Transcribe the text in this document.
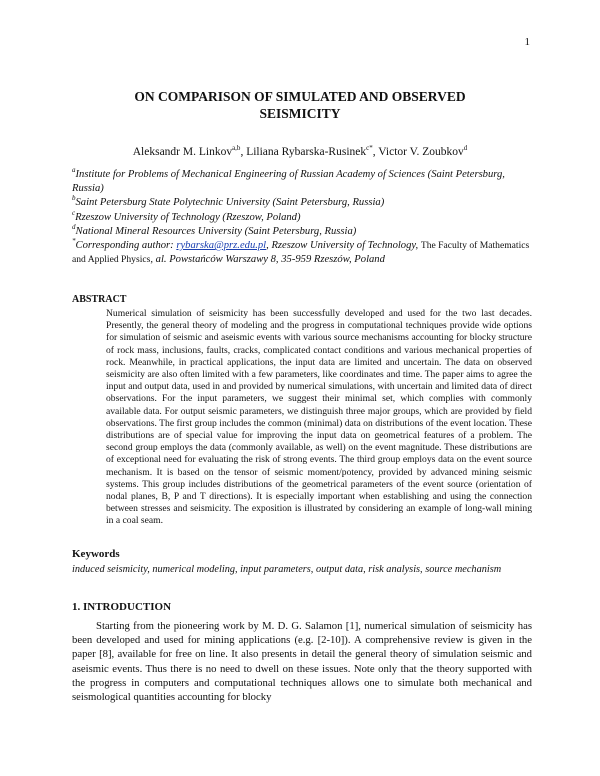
1
ON COMPARISON OF SIMULATED AND OBSERVED
SEISMICITY
Aleksandr M. Linkov$^{a,b}$, Liliana Rybarska-Rusinek$^{c*}$, Victor V. Zoubkov$^d$
$^a$Institute for Problems of Mechanical Engineering of Russian Academy of Sciences (Saint Petersburg, Russia)
$^b$Saint Petersburg State Polytechnic University (Saint Petersburg, Russia)
$^c$Rzeszow University of Technology (Rzeszow, Poland)
$^d$National Mineral Resources University (Saint Petersburg, Russia)
*Corresponding author: rybarska@prz.edu.pl, Rzeszow University of Technology, The Faculty of Mathematics and Applied Physics, al. Powstańców Warszawy 8, 35-959 Rzeszów, Poland
ABSTRACT
Numerical simulation of seismicity has been successfully developed and used for the two last decades. Presently, the general theory of modeling and the progress in computational techniques provide wide options for simulation of seismic and aseismic events with various source mechanisms accounting for blocky structure of rock mass, inclusions, faults, cracks, complicated contact conditions and various mechanical properties of rock. Meanwhile, in practical applications, the input data are limited and uncertain. The data on observed seismicity are also often limited with a few parameters, like coordinates and time. The paper aims to agree the input and output data, used in and provided by numerical simulations, with uncertain and limited data of direct observations. For the input parameters, we suggest their minimal set, which complies with commonly available data. For output seismic parameters, we distinguish three major groups, which are provided by field observations. The first group includes the common (minimal) data on distributions of the event location. These distributions are of special value for improving the input data on geometrical features of a problem. The second group employs the data (commonly available, as well) on the event magnitude. These distributions are of exceptional need for evaluating the risk of strong events. The third group employs data on the event source mechanism. It is based on the tensor of seismic moment/potency, provided by advanced mining seismic systems. This group includes distributions of the geometrical parameters of the event source (orientation of nodal planes, B, P and T directions). It is especially important when establishing and using the connection between stresses and seismicity. The exposition is illustrated by considering an example of long-wall mining in a coal seam.
Keywords
induced seismicity, numerical modeling, input parameters, output data, risk analysis, source mechanism
1. INTRODUCTION
Starting from the pioneering work by M. D. G. Salamon [1], numerical simulation of seismicity has been developed and used for mining applications (e.g. [2-10]). A comprehensive review is given in the paper [8], available for free on line. It also presents in detail the general theory of simulation seismic and aseismic events. Thus there is no need to dwell on these issues. Note only that the theory supported with the progress in computers and computational techniques allows one to simulate both mechanical and seismological quantities accounting for blocky
